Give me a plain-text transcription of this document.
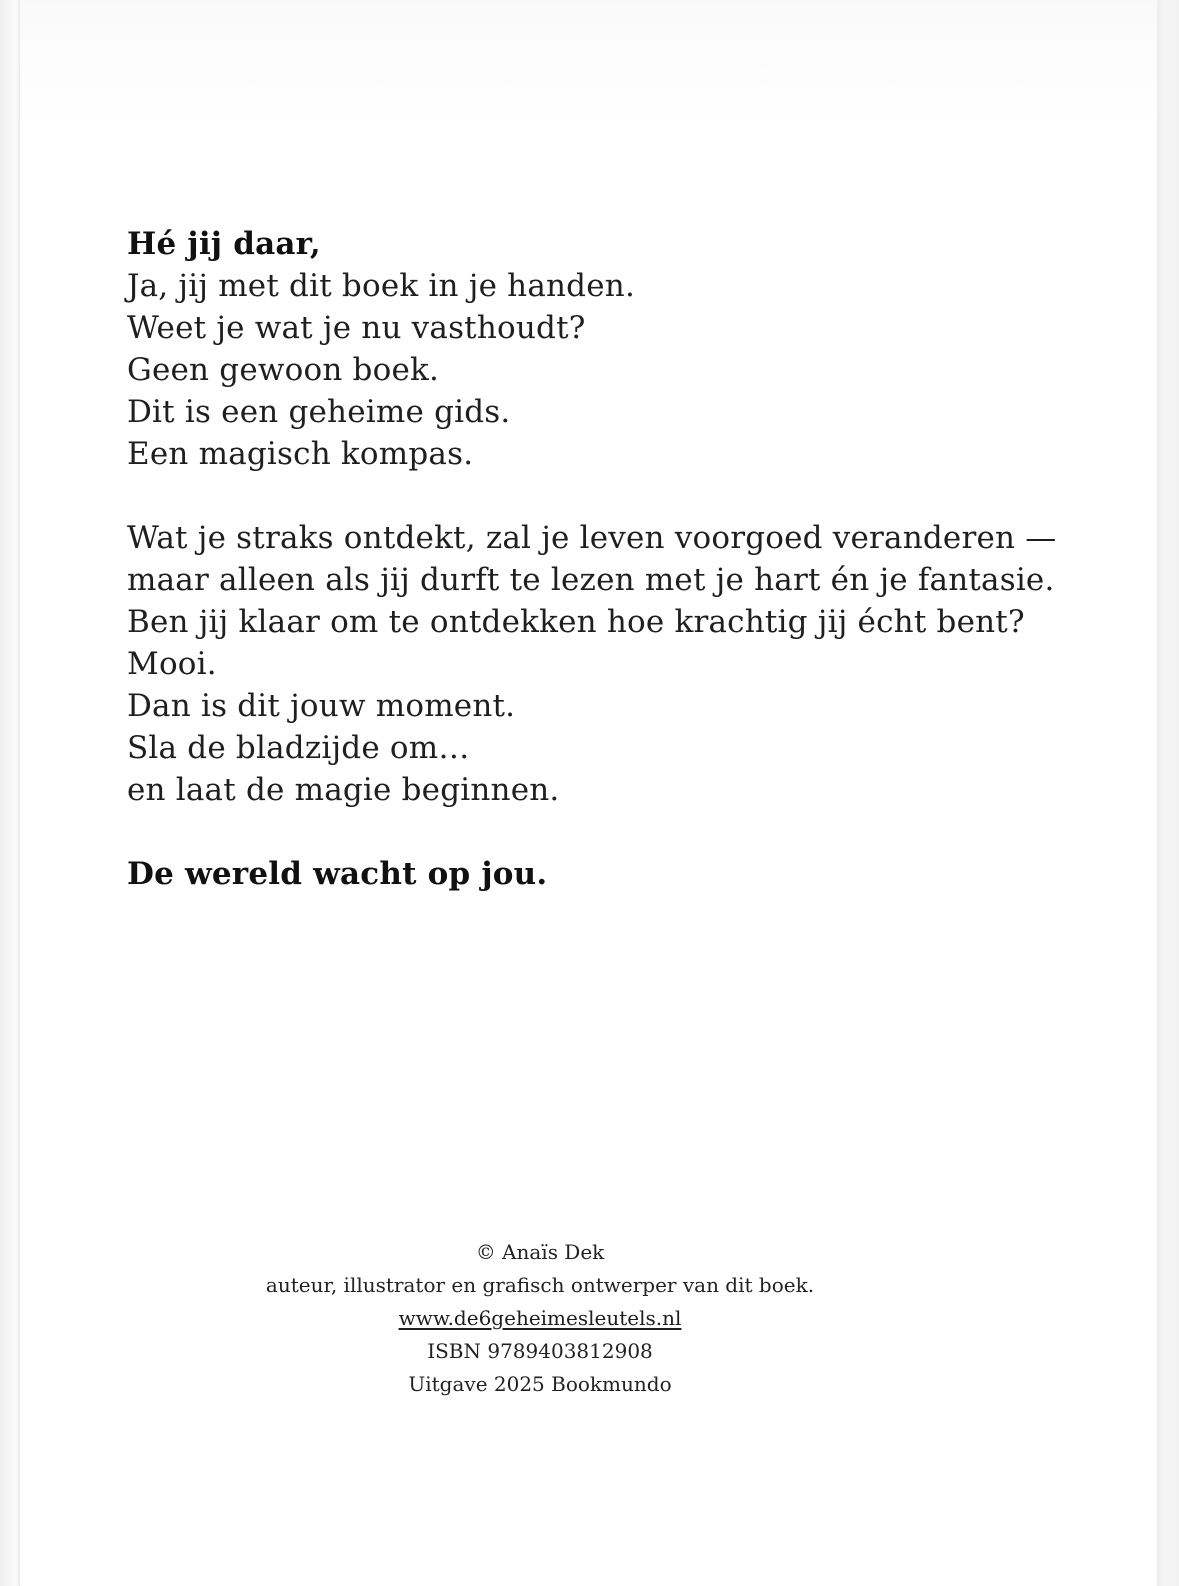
Hé jij daar,
Ja, jij met dit boek in je handen.
Weet je wat je nu vasthoudt?
Geen gewoon boek.
Dit is een geheime gids.
Een magisch kompas.
Wat je straks ontdekt, zal je leven voorgoed veranderen —
maar alleen als jij durft te lezen met je hart én je fantasie.
Ben jij klaar om te ontdekken hoe krachtig jij écht bent?
Mooi.
Dan is dit jouw moment.
Sla de bladzijde om…
en laat de magie beginnen.
De wereld wacht op jou.
© Anaïs Dek
auteur, illustrator en grafisch ontwerper van dit boek.
www.de6geheimesleutels.nl
ISBN 9789403812908
Uitgave 2025 Bookmundo
